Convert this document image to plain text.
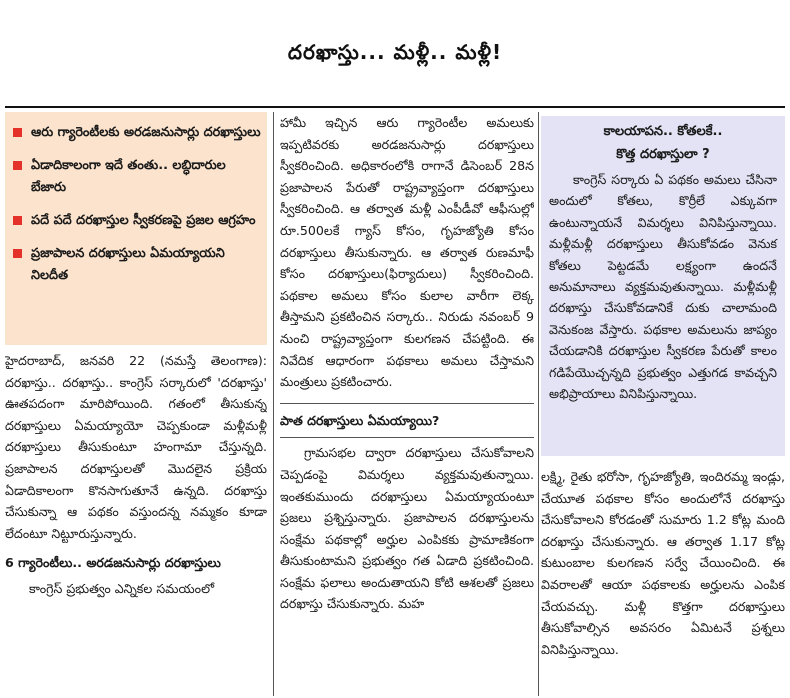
దరఖాస్తు... మళ్లీ.. మళ్లీ!
ఆరు గ్యారెంటీలకు అరడజనుసార్లు దరఖాస్తులు
ఏడాదికాలంగా ఇదే తంతు.. లబ్ధిదారుల బేజారు
పదే పదే దరఖాస్తుల స్వీకరణపై ప్రజల ఆగ్రహం
ప్రజాపాలన దరఖాస్తులు ఏమయ్యాయని నిలదీత

హైదరాబాద్, జనవరి 22 (నమస్తే తెలంగాణ): దరఖాస్తు.. దరఖాస్తు.. కాంగ్రెస్ సర్కారులో 'దరఖాస్తు' ఊతపదంగా మారిపోయింది. గతంలో తీసుకున్న దరఖాస్తులు ఏమయ్యాయో చెప్పకుండా మళ్లీమళ్లీ దరఖాస్తులు తీసుకుంటూ హంగామా చేస్తున్నది. ప్రజాపాలన దరఖాస్తులతో మొదలైన ప్రక్రియ ఏడాదికాలంగా కొనసాగుతూనే ఉన్నది. దరఖాస్తు చేసుకున్నా ఆ పథకం వస్తుందన్న నమ్మకం కూడా లేదంటూ నిట్టూరుస్తున్నారు.

6 గ్యారెంటీలు.. అరడజనుసార్లు దరఖాస్తులు

కాంగ్రెస్ ప్రభుత్వం ఎన్నికల సమయంలో

హామీ ఇచ్చిన ఆరు గ్యారెంటీల అమలుకు ఇప్పటివరకు అరడజనుసార్లు దరఖాస్తులు స్వీకరించింది. అధికారంలోకి రాగానే డిసెంబర్ 28న ప్రజాపాలన పేరుతో రాష్ట్రవ్యాప్తంగా దరఖాస్తులు స్వీకరించింది. ఆ తర్వాత మళ్లీ ఎంపీడీవో ఆఫీసుల్లో రూ.500లకే గ్యాస్ కోసం, గృహజ్యోతి కోసం దరఖాస్తులు తీసుకున్నారు. ఆ తర్వాత రుణమాఫీ కోసం దరఖాస్తులు(ఫిర్యాదులు) స్వీకరించింది. పథకాల అమలు కోసం కులాల వారీగా లెక్క తీస్తామని ప్రకటించిన సర్కారు.. నిరుడు నవంబర్ 9 నుంచి రాష్ట్రవ్యాప్తంగా కులగణన చేపట్టింది. ఈ నివేదిక ఆధారంగా పథకాలు అమలు చేస్తామని మంత్రులు ప్రకటించారు.

పాత దరఖాస్తులు ఏమయ్యాయి?

గ్రామసభల ద్వారా దరఖాస్తులు చేసుకోవాలని చెప్పడంపై విమర్శలు వ్యక్తమవుతున్నాయి. ఇంతకుముందు దరఖాస్తులు ఏమయ్యాయంటూ ప్రజలు ప్రశ్నిస్తున్నారు. ప్రజాపాలన దరఖాస్తులను సంక్షేమ పథకాల్లో అర్హుల ఎంపికకు ప్రామాణికంగా తీసుకుంటామని ప్రభుత్వం గత ఏడాది ప్రకటించింది. సంక్షేమ ఫలాలు అందుతాయని కోటి ఆశలతో ప్రజలు దరఖాస్తు చేసుకున్నారు. మహ

కాలయాపన.. కోతలకే..
కొత్త దరఖాస్తులా ?
కాంగ్రెస్ సర్కారు ఏ పథకం అమలు చేసినా అందులో కోతలు, కొర్రీలే ఎక్కువగా ఉంటున్నాయనే విమర్శలు వినిపిస్తున్నాయి. మళ్లీమళ్లీ దరఖాస్తులు తీసుకోవడం వెనుక కోతలు పెట్టడమే లక్ష్యంగా ఉందనే అనుమానాలు వ్యక్తమవుతున్నాయి. మళ్లీమళ్లీ దరఖాస్తు చేసుకోవడానికే దుకు చాలామంది వెనుకంజ వేస్తారు. పథకాల అమలును జాప్యం చేయడానికి దరఖాస్తుల స్వీకరణ పేరుతో కాలం గడిపేయొచ్చన్నది ప్రభుత్వం ఎత్తుగడ కావచ్చని అభిప్రాయాలు వినిపిస్తున్నాయి.

లక్ష్మి, రైతు భరోసా, గృహజ్యోతి, ఇందిరమ్మ ఇండ్లు, చేయూత పథకాల కోసం అందులోనే దరఖాస్తు చేసుకోవాలని కోరడంతో సుమారు 1.2 కోట్ల మంది దరఖాస్తు చేసుకున్నారు. ఆ తర్వాత 1.17 కోట్ల కుటుంబాల కులగణన సర్వే చేయించింది. ఈ వివరాలతో ఆయా పథకాలకు అర్హులను ఎంపిక చేయవచ్చు. మళ్లీ కొత్తగా దరఖాస్తులు తీసుకోవాల్సిన అవసరం ఏమిటనే ప్రశ్నలు వినిపిస్తున్నాయి.
